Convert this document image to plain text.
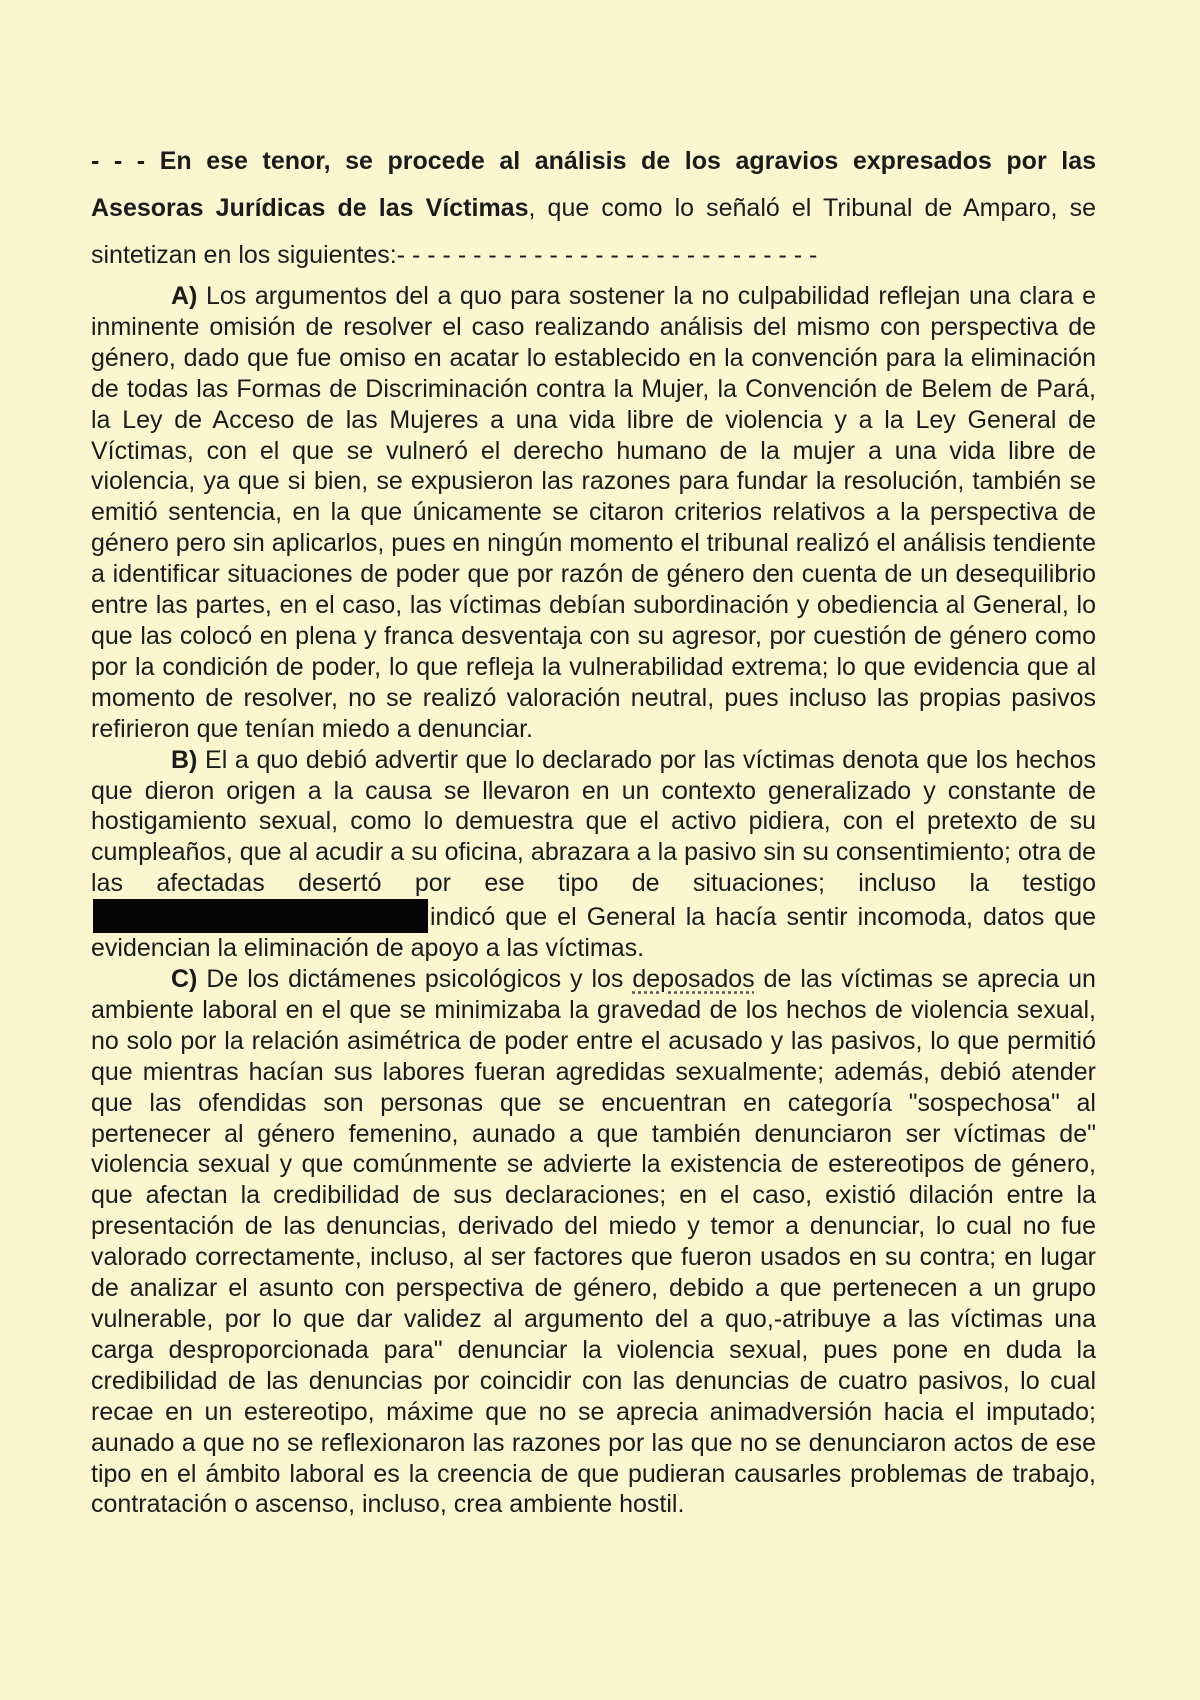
- - - En ese tenor, se procede al análisis de los agravios expresados por las Asesoras Jurídicas de las Víctimas, que como lo señaló el Tribunal de Amparo, se sintetizan en los siguientes:- - - - - - - - - - - - - - - - - - - - - - - - - - - -

A) Los argumentos del a quo para sostener la no culpabilidad reflejan una clara e inminente omisión de resolver el caso realizando análisis del mismo con perspectiva de género, dado que fue omiso en acatar lo establecido en la convención para la eliminación de todas las Formas de Discriminación contra la Mujer, la Convención de Belem de Pará, la Ley de Acceso de las Mujeres a una vida libre de violencia y a la Ley General de Víctimas, con el que se vulneró el derecho humano de la mujer a una vida libre de violencia, ya que si bien, se expusieron las razones para fundar la resolución, también se emitió sentencia, en la que únicamente se citaron criterios relativos a la perspectiva de género pero sin aplicarlos, pues en ningún momento el tribunal realizó el análisis tendiente a identificar situaciones de poder que por razón de género den cuenta de un desequilibrio entre las partes, en el caso, las víctimas debían subordinación y obediencia al General, lo que las colocó en plena y franca desventaja con su agresor, por cuestión de género como por la condición de poder, lo que refleja la vulnerabilidad extrema; lo que evidencia que al momento de resolver, no se realizó valoración neutral, pues incluso las propias pasivos refirieron que tenían miedo a denunciar.

B) El a quo debió advertir que lo declarado por las víctimas denota que los hechos que dieron origen a la causa se llevaron en un contexto generalizado y constante de hostigamiento sexual, como lo demuestra que el activo pidiera, con el pretexto de su cumpleaños, que al acudir a su oficina, abrazara a la pasivo sin su consentimiento; otra de las afectadas desertó por ese tipo de situaciones; incluso la testigoindicó que el General la hacía sentir incomoda, datos que evidencian la eliminación de apoyo a las víctimas.

C) De los dictámenes psicológicos y los deposados de las víctimas se aprecia un ambiente laboral en el que se minimizaba la gravedad de los hechos de violencia sexual, no solo por la relación asimétrica de poder entre el acusado y las pasivos, lo que permitió que mientras hacían sus labores fueran agredidas sexualmente; además, debió atender que las ofendidas son personas que se encuentran en categoría "sospechosa" al pertenecer al género femenino, aunado a que también denunciaron ser víctimas de" violencia sexual y que comúnmente se advierte la existencia de estereotipos de género, que afectan la credibilidad de sus declaraciones; en el caso, existió dilación entre la presentación de las denuncias, derivado del miedo y temor a denunciar, lo cual no fue valorado correctamente, incluso, al ser factores que fueron usados en su contra; en lugar de analizar el asunto con perspectiva de género, debido a que pertenecen a un grupo vulnerable, por lo que dar validez al argumento del a quo,-atribuye a las víctimas una carga desproporcionada para" denunciar la violencia sexual, pues pone en duda la credibilidad de las denuncias por coincidir con las denuncias de cuatro pasivos, lo cual recae en un estereotipo, máxime que no se aprecia animadversión hacia el imputado; aunado a que no se reflexionaron las razones por las que no se denunciaron actos de ese tipo en el ámbito laboral es la creencia de que pudieran causarles problemas de trabajo, contratación o ascenso, incluso, crea ambiente hostil.
